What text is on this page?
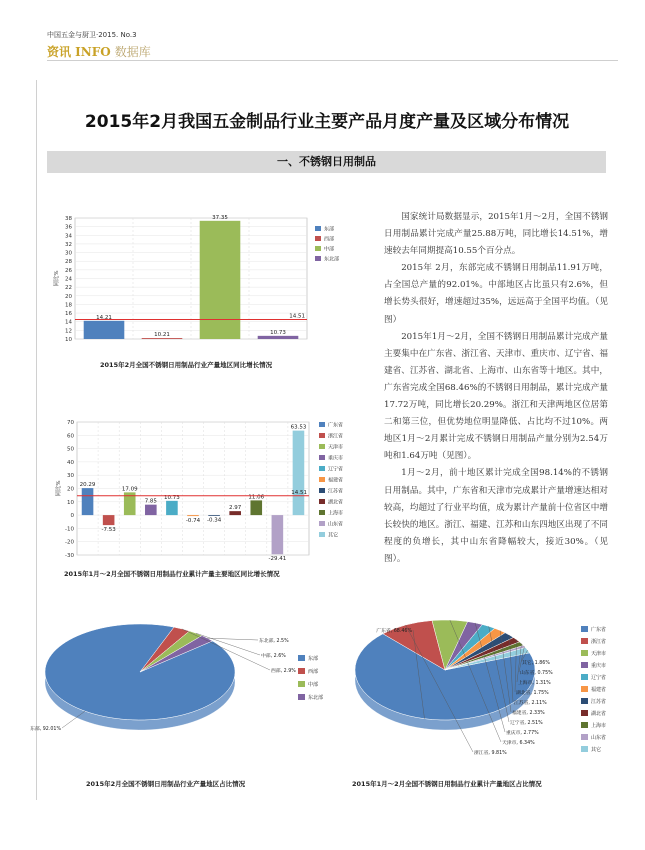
中国五金与厨卫·2015. No.3
资讯 INFO 数据库
2015年2月我国五金制品行业主要产品月度产量及区域分布情况
一、不锈钢日用制品

国家统计局数据显示，2015年1月～2月，全国不锈钢日用制品累计完成产量25.88万吨，同比增长14.51%，增速较去年同期提高10.55个百分点。

2015年 2月，东部完成不锈钢日用制品11.91万吨，占全国总产量的92.01%。中部地区占比虽只有2.6%，但增长势头很好，增速超过35%，远远高于全国平均值。（见图）

2015年1月～2月，全国不锈钢日用制品累计完成产量主要集中在广东省、浙江省、天津市、重庆市、辽宁省、福建省、江苏省、湖北省、上海市、山东省等十地区。其中，广东省完成全国68.46%的不锈钢日用制品，累计完成产量17.72万吨，同比增长20.29%。浙江和天津两地区位居第二和第三位，但优势地位明显降低、占比均不过10%。两地区1月～2月累计完成不锈钢日用制品产量分别为2.54万吨和1.64万吨（见图）。

1月～2月，前十地区累计完成全国98.14%的不锈钢日用制品。其中，广东省和天津市完成累计产量增速达相对较高，均超过了行业平均值，成为累计产量前十位省区中增长较快的地区。浙江、福建、江苏和山东四地区出现了不同程度的负增长，其中山东省降幅较大，接近30%。（见图）。

10
12
14
16
18
20
22
24
26
28
30
32
34
36
38
14.21
10.21
37.35
10.73
14.51
同比%
东部
西部
中部
东北部
2015年2月全国不锈钢日用制品行业产量地区同比增长情况
-30
-20
-10
0
10
20
30
40
50
60
70
20.29
-7.53
17.09
7.85
10.73
-0.74 -0.34
2.97
11.06
-29.41
63.53
14.51
同比%
广东省
浙江省
天津市
重庆市
辽宁省
福建省
江苏省
湖北省
上海市
山东省
其它
2015年1月～2月全国不锈钢日用制品行业累计产量主要地区同比增长情况
东部, 92.01%
西部, 2.9%
中部, 2.6%
东北部, 2.5%
东部
西部
中部
东北部
2015年2月全国不锈钢日用制品行业产量地区占比情况
广东省, 68.46%
浙江省, 9.81%
天津市, 6.34%
重庆市, 2.77%
辽宁省, 2.51%
福建省, 2.33%
江苏省, 2.11%
湖北省, 1.75%
上海市, 1.31%
山东省, 0.75%
其它, 1.86%
广东省
浙江省
天津市
重庆市
辽宁省
福建省
江苏省
湖北省
上海市
山东省
其它
2015年1月～2月全国不锈钢日用制品行业累计产量地区占比情况
